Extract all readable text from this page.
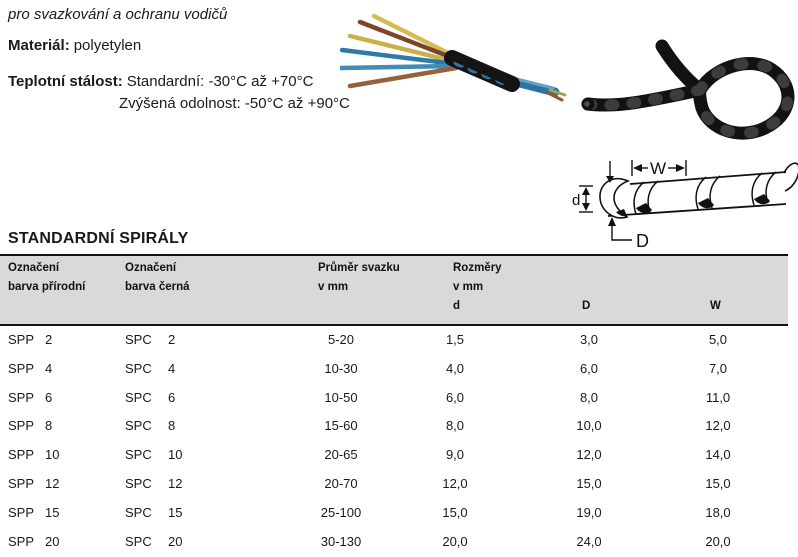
pro svazkování a ochranu vodičů
Materiál: polyetylen
Teplotní stálost: Standardní: -30°C až +70°C
Zvýšená odolnost: -50°C až +90°C
W
d
D
STANDARDNÍ SPIRÁLY
Označení
barva přírodní
Označení
barva černá
Průměr svazku
v mm
Rozměry
v mm
d	D	W
SPP 2	SPC 2	5-20	1,5	3,0	5,0
SPP 4	SPC 4	10-30	4,0	6,0	7,0
SPP 6	SPC 6	10-50	6,0	8,0	11,0
SPP 8	SPC 8	15-60	8,0	10,0	12,0
SPP 10	SPC 10	20-65	9,0	12,0	14,0
SPP 12	SPC 12	20-70	12,0	15,0	15,0
SPP 15	SPC 15	25-100	15,0	19,0	18,0
SPP 20	SPC 20	30-130	20,0	24,0	20,0
